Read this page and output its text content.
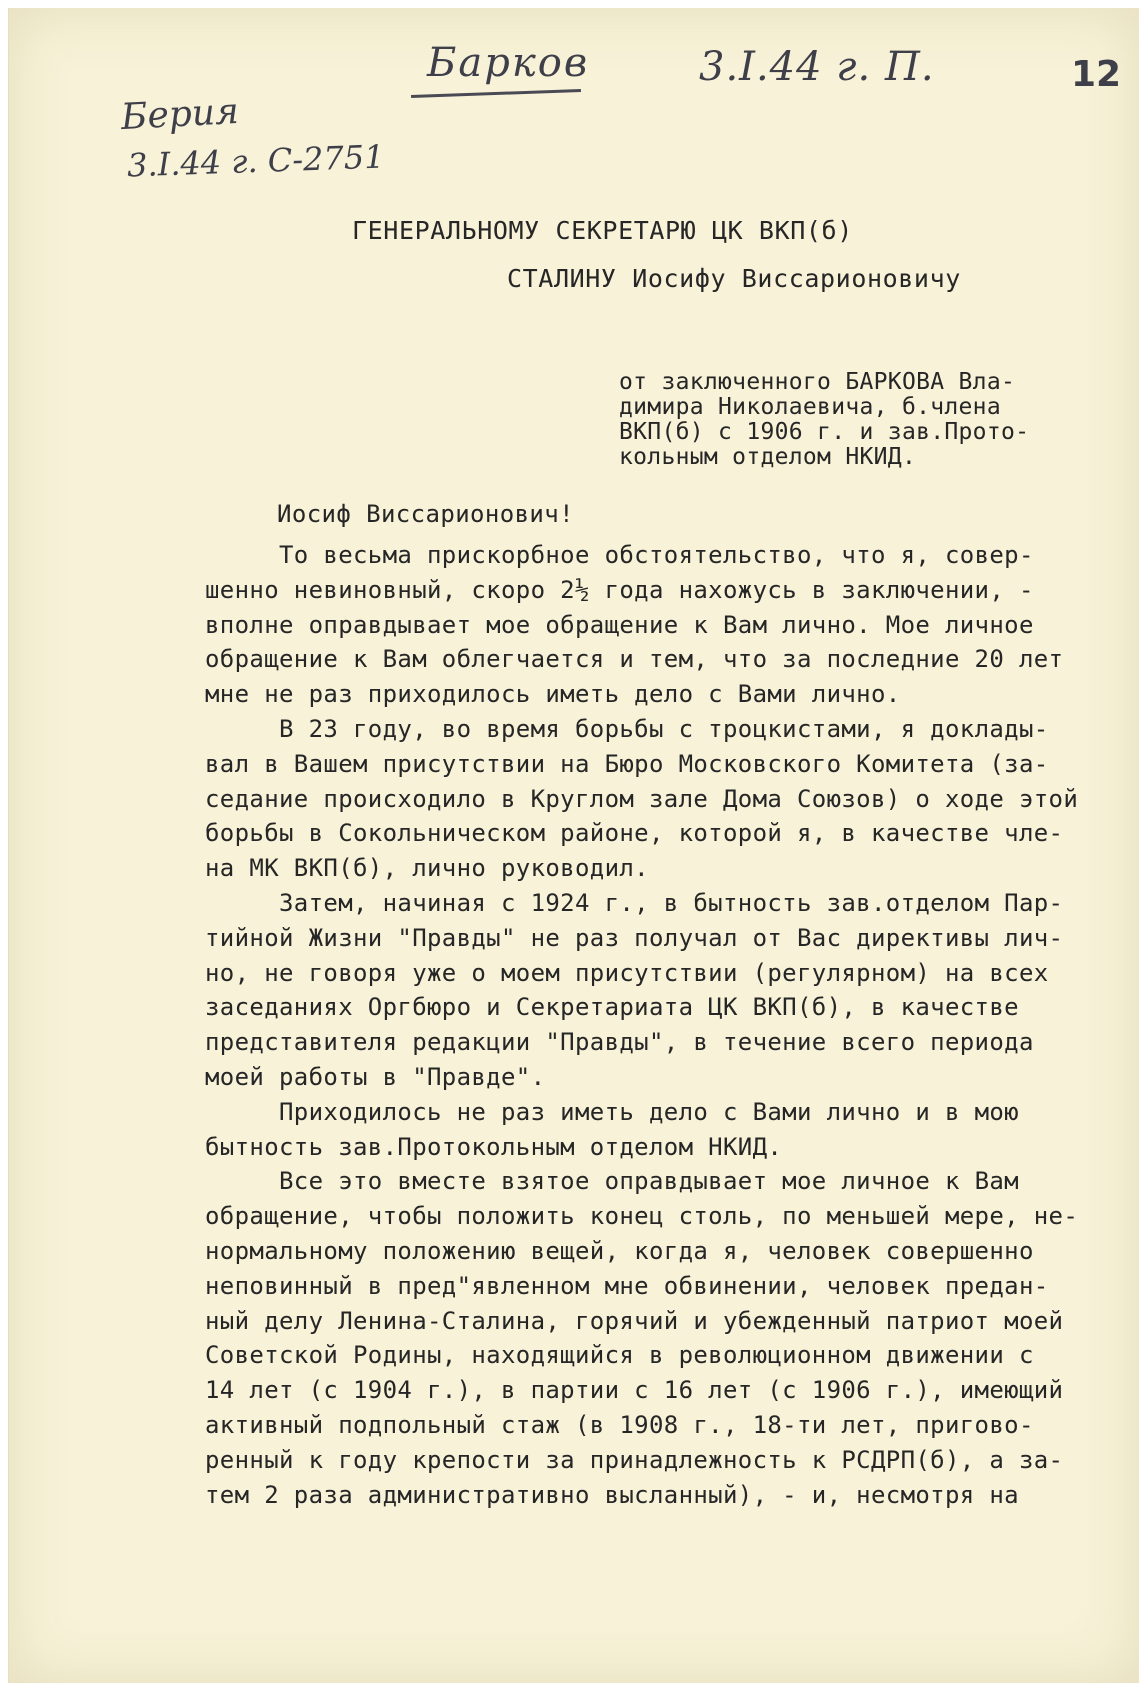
Барков	3.I.44 г. П.	12
Берия
3.I.44 г. С-2751
ГЕНЕРАЛЬНОМУ СЕКРЕТАРЮ ЦК ВКП(б)
СТАЛИНУ Иосифу Виссарионовичу
от заключенного БАРКОВА Вла-
димира Николаевича, б.члена
ВКП(б) с 1906 г. и зав.Прото-
кольным отделом НКИД.
Иосиф Виссарионович!
То весьма прискорбное обстоятельство, что я, совер-
шенно невиновный, скоро 2½ года нахожусь в заключении, -
вполне оправдывает мое обращение к Вам лично. Мое личное
обращение к Вам облегчается и тем, что за последние 20 лет
мне не раз приходилось иметь дело с Вами лично.
В 23 году, во время борьбы с троцкистами, я доклады-
вал в Вашем присутствии на Бюро Московского Комитета (за-
седание происходило в Круглом зале Дома Союзов) о ходе этой
борьбы в Сокольническом районе, которой я, в качестве чле-
на МК ВКП(б), лично руководил.
Затем, начиная с 1924 г., в бытность зав.отделом Пар-
тийной Жизни "Правды" не раз получал от Вас директивы лич-
но, не говоря уже о моем присутствии (регулярном) на всех
заседаниях Оргбюро и Секретариата ЦК ВКП(б), в качестве
представителя редакции "Правды", в течение всего периода
моей работы в "Правде".
Приходилось не раз иметь дело с Вами лично и в мою
бытность зав.Протокольным отделом НКИД.
Все это вместе взятое оправдывает мое личное к Вам
обращение, чтобы положить конец столь, по меньшей мере, не-
нормальному положению вещей, когда я, человек совершенно
неповинный в пред"явленном мне обвинении, человек предан-
ный делу Ленина-Сталина, горячий и убежденный патриот моей
Советской Родины, находящийся в революционном движении с
14 лет (с 1904 г.), в партии с 16 лет (с 1906 г.), имеющий
активный подпольный стаж (в 1908 г., 18-ти лет, пригово-
ренный к году крепости за принадлежность к РСДРП(б), а за-
тем 2 раза административно высланный), - и, несмотря на
